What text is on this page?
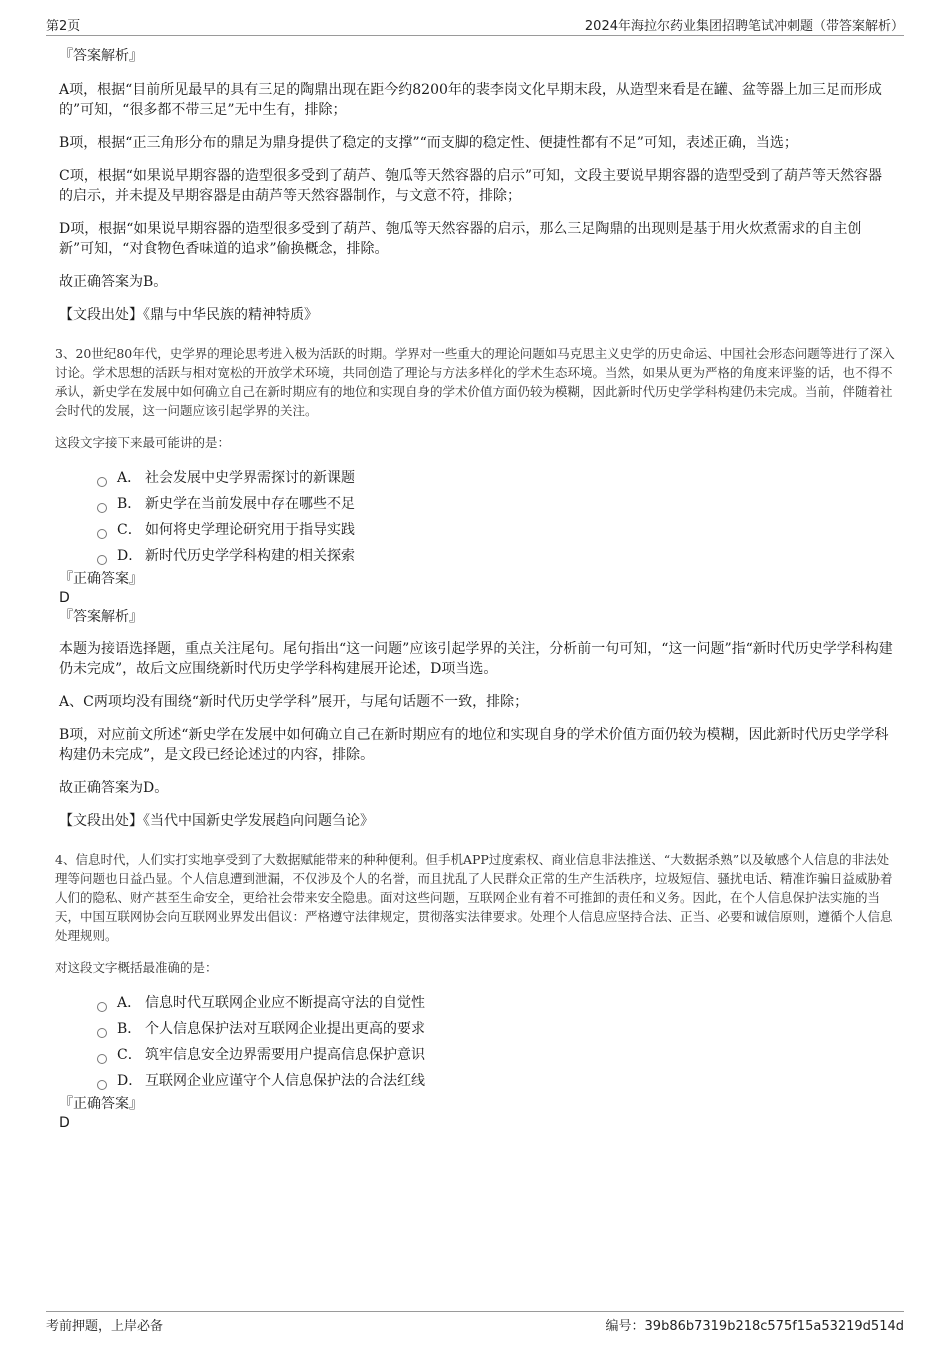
第2页	2024年海拉尔药业集团招聘笔试冲刺题（带答案解析）
『答案解析』

A项，根据“目前所见最早的具有三足的陶鼎出现在距今约8200年的裴李岗文化早期末段，从造型来看是在罐、盆等器上加三足而形成的”可知，“很多都不带三足”无中生有，排除；

B项，根据“正三角形分布的鼎足为鼎身提供了稳定的支撑”“而支脚的稳定性、便捷性都有不足”可知，表述正确，当选；

C项，根据“如果说早期容器的造型很多受到了葫芦、匏瓜等天然容器的启示”可知，文段主要说早期容器的造型受到了葫芦等天然容器的启示，并未提及早期容器是由葫芦等天然容器制作，与文意不符，排除；

D项，根据“如果说早期容器的造型很多受到了葫芦、匏瓜等天然容器的启示，那么三足陶鼎的出现则是基于用火炊煮需求的自主创新”可知，“对食物色香味道的追求”偷换概念，排除。

故正确答案为B。

【文段出处】《鼎与中华民族的精神特质》
3、20世纪80年代，史学界的理论思考进入极为活跃的时期。学界对一些重大的理论问题如马克思主义史学的历史命运、中国社会形态问题等进行了深入讨论。学术思想的活跃与相对宽松的开放学术环境，共同创造了理论与方法多样化的学术生态环境。当然，如果从更为严格的角度来评鉴的话，也不得不承认，新史学在发展中如何确立自己在新时期应有的地位和实现自身的学术价值方面仍较为模糊，因此新时代历史学学科构建仍未完成。当前，伴随着社会时代的发展，这一问题应该引起学界的关注。
这段文字接下来最可能讲的是：
A． 社会发展中史学界需探讨的新课题
B． 新史学在当前发展中存在哪些不足
C． 如何将史学理论研究用于指导实践
D． 新时代历史学学科构建的相关探索
『正确答案』
D
『答案解析』

本题为接语选择题，重点关注尾句。尾句指出“这一问题”应该引起学界的关注，分析前一句可知，“这一问题”指“新时代历史学学科构建仍未完成”，故后文应围绕新时代历史学学科构建展开论述，D项当选。

A、C两项均没有围绕“新时代历史学学科”展开，与尾句话题不一致，排除；

B项，对应前文所述“新史学在发展中如何确立自己在新时期应有的地位和实现自身的学术价值方面仍较为模糊，因此新时代历史学学科构建仍未完成”，是文段已经论述过的内容，排除。

故正确答案为D。

【文段出处】《当代中国新史学发展趋向问题刍论》
4、信息时代，人们实打实地享受到了大数据赋能带来的种种便利。但手机APP过度索权、商业信息非法推送、“大数据杀熟”以及敏感个人信息的非法处理等问题也日益凸显。个人信息遭到泄漏，不仅涉及个人的名誉，而且扰乱了人民群众正常的生产生活秩序，垃圾短信、骚扰电话、精准诈骗日益威胁着人们的隐私、财产甚至生命安全，更给社会带来安全隐患。面对这些问题，互联网企业有着不可推卸的责任和义务。因此，在个人信息保护法实施的当天，中国互联网协会向互联网业界发出倡议：严格遵守法律规定，贯彻落实法律要求。处理个人信息应坚持合法、正当、必要和诚信原则，遵循个人信息处理规则。
对这段文字概括最准确的是：
A． 信息时代互联网企业应不断提高守法的自觉性
B． 个人信息保护法对互联网企业提出更高的要求
C． 筑牢信息安全边界需要用户提高信息保护意识
D． 互联网企业应谨守个人信息保护法的合法红线
『正确答案』
D
考前押题，上岸必备	编号：39b86b7319b218c575f15a53219d514d
